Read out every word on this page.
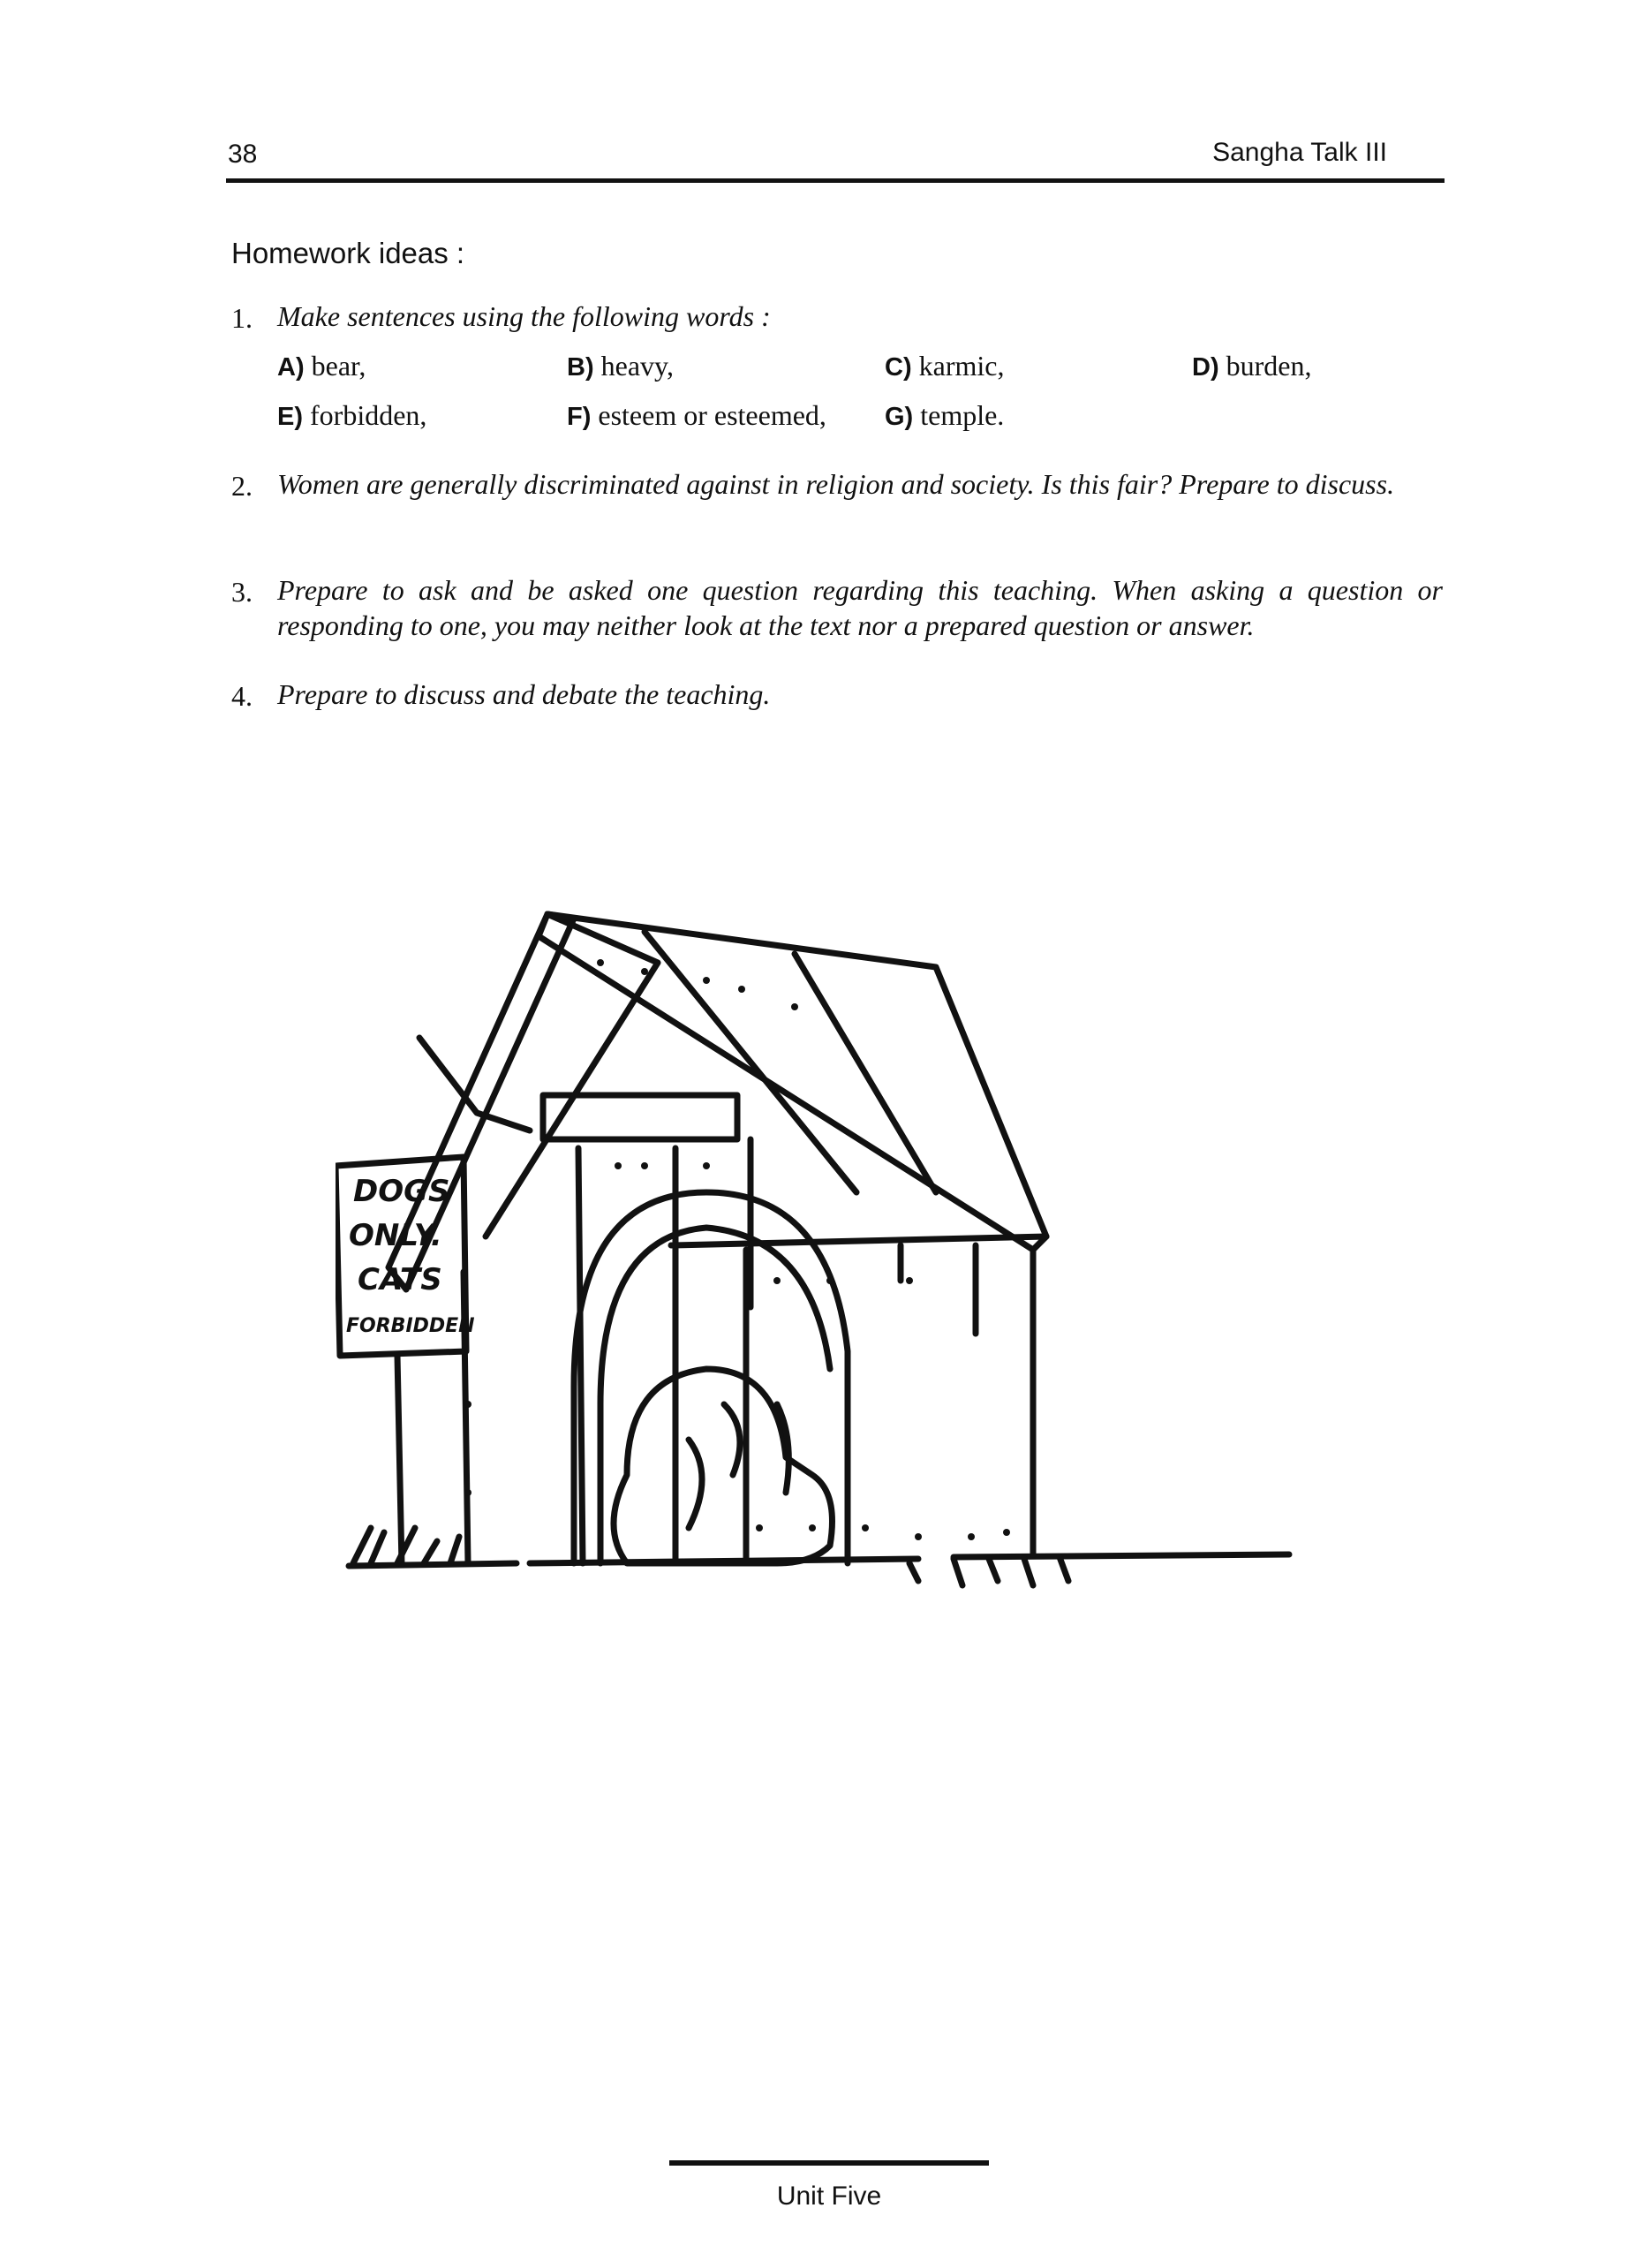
38	Sangha Talk III
Homework ideas :
1. Make sentences using the following words :
A) bear,	B) heavy,	C) karmic,	D) burden,
E) forbidden,	F) esteem or esteemed, G) temple.
2. Women are generally discriminated against in religion and society. Is this fair? Prepare to discuss.
3. Prepare to ask and be asked one question regarding this teaching. When asking a question or responding to one, you may neither look at the text nor a prepared question or answer.
4. Prepare to discuss and debate the teaching.
DOGS
ONLY.
CATS
FORBIDDEN
Unit Five
